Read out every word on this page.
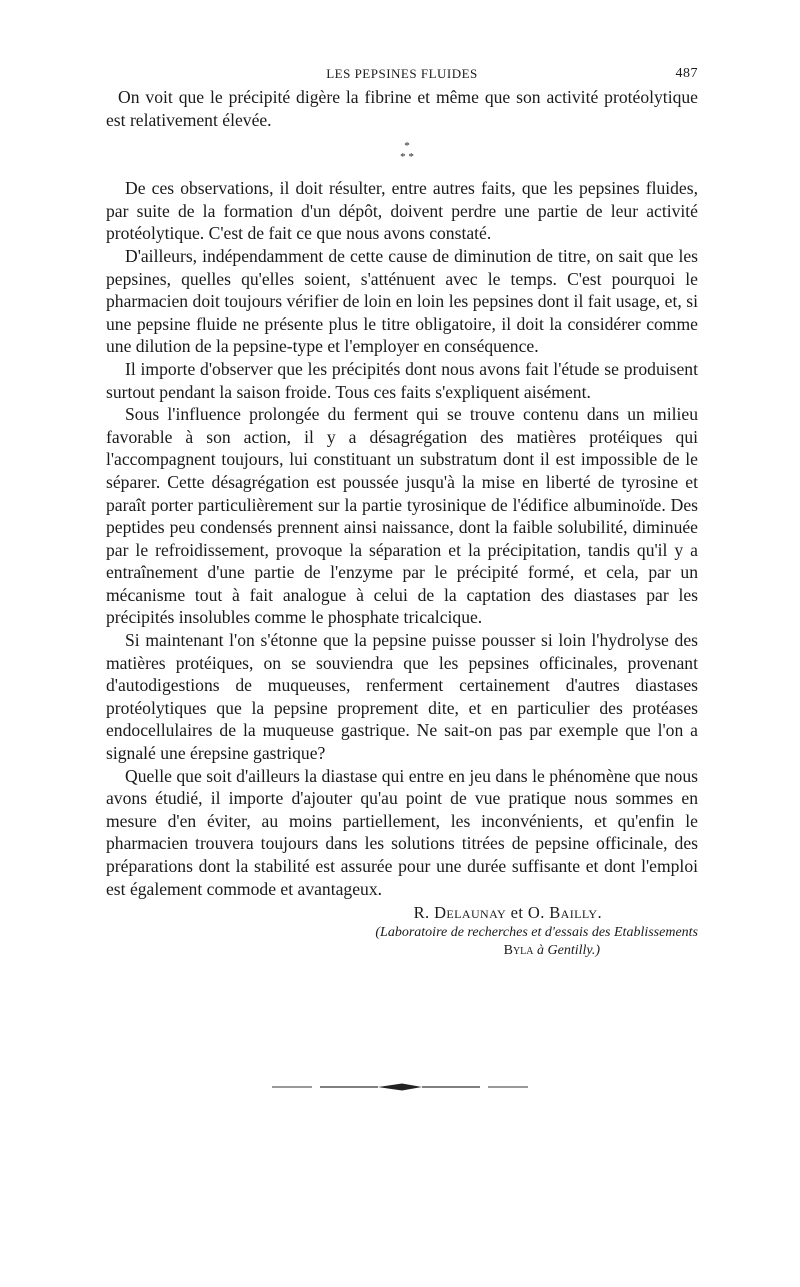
LES PEPSINES FLUIDES	487

On voit que le précipité digère la fibrine et même que son activité protéolytique est relativement élevée.

*
* *

De ces observations, il doit résulter, entre autres faits, que les pepsines fluides, par suite de la formation d'un dépôt, doivent perdre une partie de leur activité protéolytique. C'est de fait ce que nous avons constaté.

D'ailleurs, indépendamment de cette cause de diminution de titre, on sait que les pepsines, quelles qu'elles soient, s'atténuent avec le temps. C'est pourquoi le pharmacien doit toujours vérifier de loin en loin les pepsines dont il fait usage, et, si une pepsine fluide ne présente plus le titre obligatoire, il doit la considérer comme une dilution de la pepsine-type et l'employer en conséquence.

Il importe d'observer que les précipités dont nous avons fait l'étude se produisent surtout pendant la saison froide. Tous ces faits s'expliquent aisément.

Sous l'influence prolongée du ferment qui se trouve contenu dans un milieu favorable à son action, il y a désagrégation des matières protéiques qui l'accompagnent toujours, lui constituant un substratum dont il est impossible de le séparer. Cette désagrégation est poussée jusqu'à la mise en liberté de tyrosine et paraît porter particulièrement sur la partie tyrosinique de l'édifice albuminoïde. Des peptides peu condensés prennent ainsi naissance, dont la faible solubilité, diminuée par le refroidissement, provoque la séparation et la précipitation, tandis qu'il y a entraînement d'une partie de l'enzyme par le précipité formé, et cela, par un mécanisme tout à fait analogue à celui de la captation des diastases par les précipités insolubles comme le phosphate tricalcique.

Si maintenant l'on s'étonne que la pepsine puisse pousser si loin l'hydrolyse des matières protéiques, on se souviendra que les pepsines officinales, provenant d'autodigestions de muqueuses, renferment certainement d'autres diastases protéolytiques que la pepsine proprement dite, et en particulier des protéases endocellulaires de la muqueuse gastrique. Ne sait-on pas par exemple que l'on a signalé une érepsine gastrique?

Quelle que soit d'ailleurs la diastase qui entre en jeu dans le phénomène que nous avons étudié, il importe d'ajouter qu'au point de vue pratique nous sommes en mesure d'en éviter, au moins partiellement, les inconvénients, et qu'enfin le pharmacien trouvera toujours dans les solutions titrées de pepsine officinale, des préparations dont la stabilité est assurée pour une durée suffisante et dont l'emploi est également commode et avantageux.

R. Delaunay et O. Bailly.
(Laboratoire de recherches et d'essais des Etablissements
Byla à Gentilly.)
